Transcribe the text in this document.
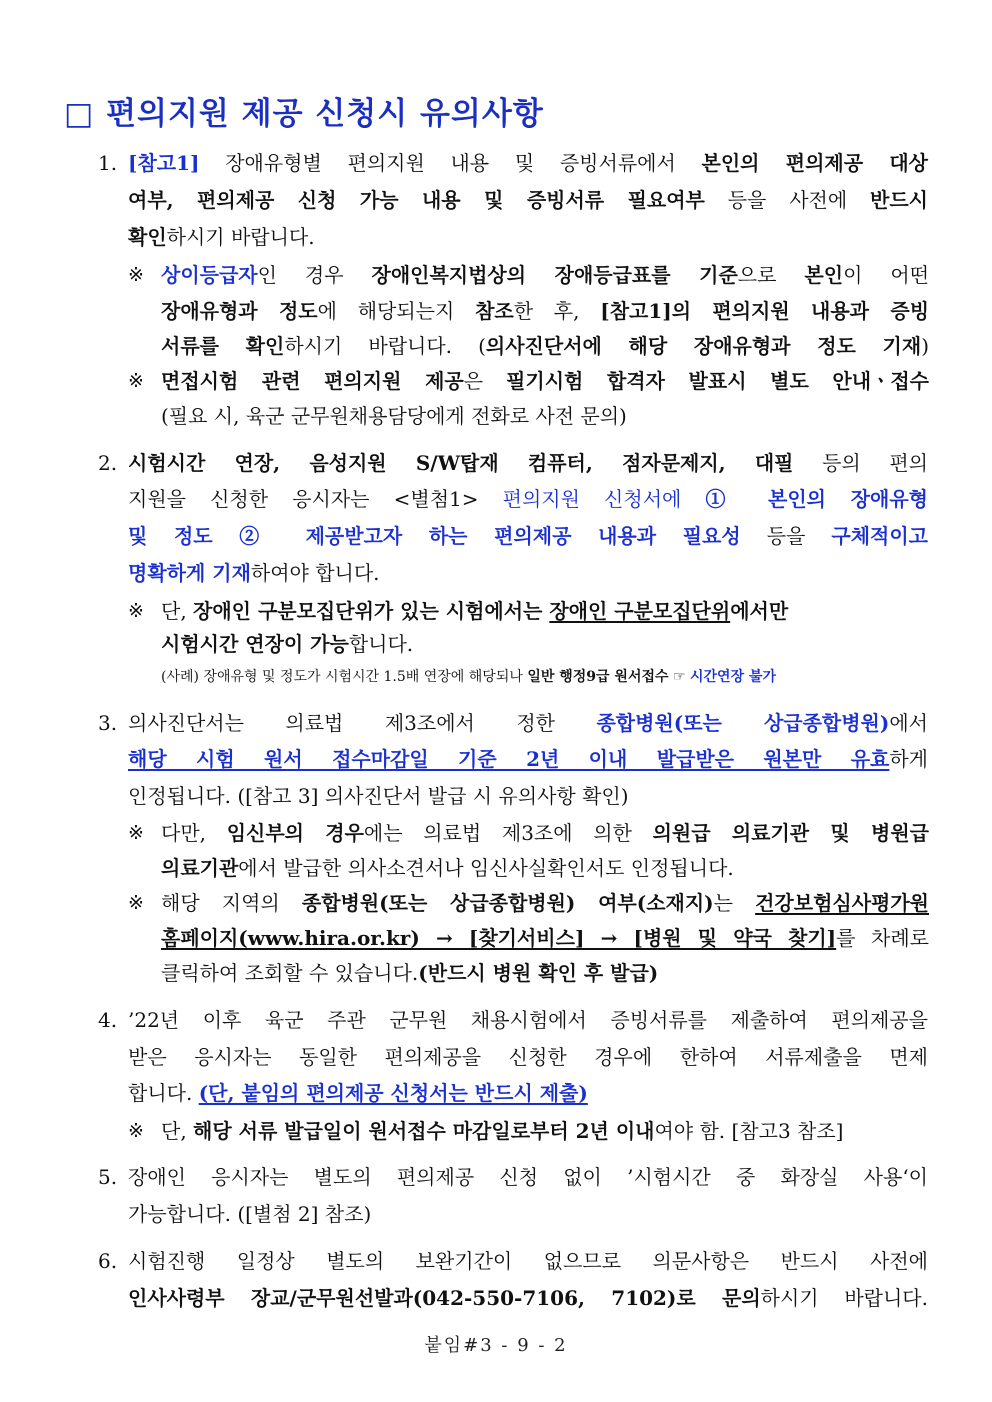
□ 편의지원 제공 신청시 유의사항
1. [참고1] 장애유형별 편의지원 내용 및 증빙서류에서 본인의 편의제공 대상
여부, 편의제공 신청 가능 내용 및 증빙서류 필요여부 등을 사전에 반드시
확인하시기 바랍니다.
※ 상이등급자인 경우 장애인복지법상의 장애등급표를 기준으로 본인이 어떤
장애유형과 정도에 해당되는지 참조한 후, [참고1]의 편의지원 내용과 증빙
서류를 확인하시기 바랍니다. (의사진단서에 해당 장애유형과 정도 기재)
※ 면접시험 관련 편의지원 제공은 필기시험 합격자 발표시 별도 안내ㆍ접수
(필요 시, 육군 군무원채용담당에게 전화로 사전 문의)
2. 시험시간 연장, 음성지원 S/W탑재 컴퓨터, 점자문제지, 대필 등의 편의
지원을 신청한 응시자는 <별첨1> 편의지원 신청서에 ① 본인의 장애유형
및 정도 ② 제공받고자 하는 편의제공 내용과 필요성 등을 구체적이고
명확하게 기재하여야 합니다.
※ 단, 장애인 구분모집단위가 있는 시험에서는 장애인 구분모집단위에서만
시험시간 연장이 가능합니다.
(사례) 장애유형 및 정도가 시험시간 1.5배 연장에 해당되나 일반 행정9급 원서접수 ☞ 시간연장 불가
3. 의사진단서는 의료법 제3조에서 정한 종합병원(또는 상급종합병원)에서
해당 시험 원서 접수마감일 기준 2년 이내 발급받은 원본만 유효하게
인정됩니다. ([참고 3] 의사진단서 발급 시 유의사항 확인)
※ 다만, 임신부의 경우에는 의료법 제3조에 의한 의원급 의료기관 및 병원급
의료기관에서 발급한 의사소견서나 임신사실확인서도 인정됩니다.
※ 해당 지역의 종합병원(또는 상급종합병원) 여부(소재지)는 건강보험심사평가원
홈페이지(www.hira.or.kr) → [찾기서비스] → [병원 및 약국 찾기]를 차례로
클릭하여 조회할 수 있습니다.(반드시 병원 확인 후 발급)
4. ’22년 이후 육군 주관 군무원 채용시험에서 증빙서류를 제출하여 편의제공을
받은 응시자는 동일한 편의제공을 신청한 경우에 한하여 서류제출을 면제
합니다. (단, 붙임의 편의제공 신청서는 반드시 제출)
※ 단, 해당 서류 발급일이 원서접수 마감일로부터 2년 이내여야 함. [참고3 참조]
5. 장애인 응시자는 별도의 편의제공 신청 없이 ’시험시간 중 화장실 사용‘이
가능합니다. ([별첨 2] 참조)
6. 시험진행 일정상 별도의 보완기간이 없으므로 의문사항은 반드시 사전에
인사사령부 장교/군무원선발과(042-550-7106, 7102)로 문의하시기 바랍니다.
붙임#3 - 9 - 2
